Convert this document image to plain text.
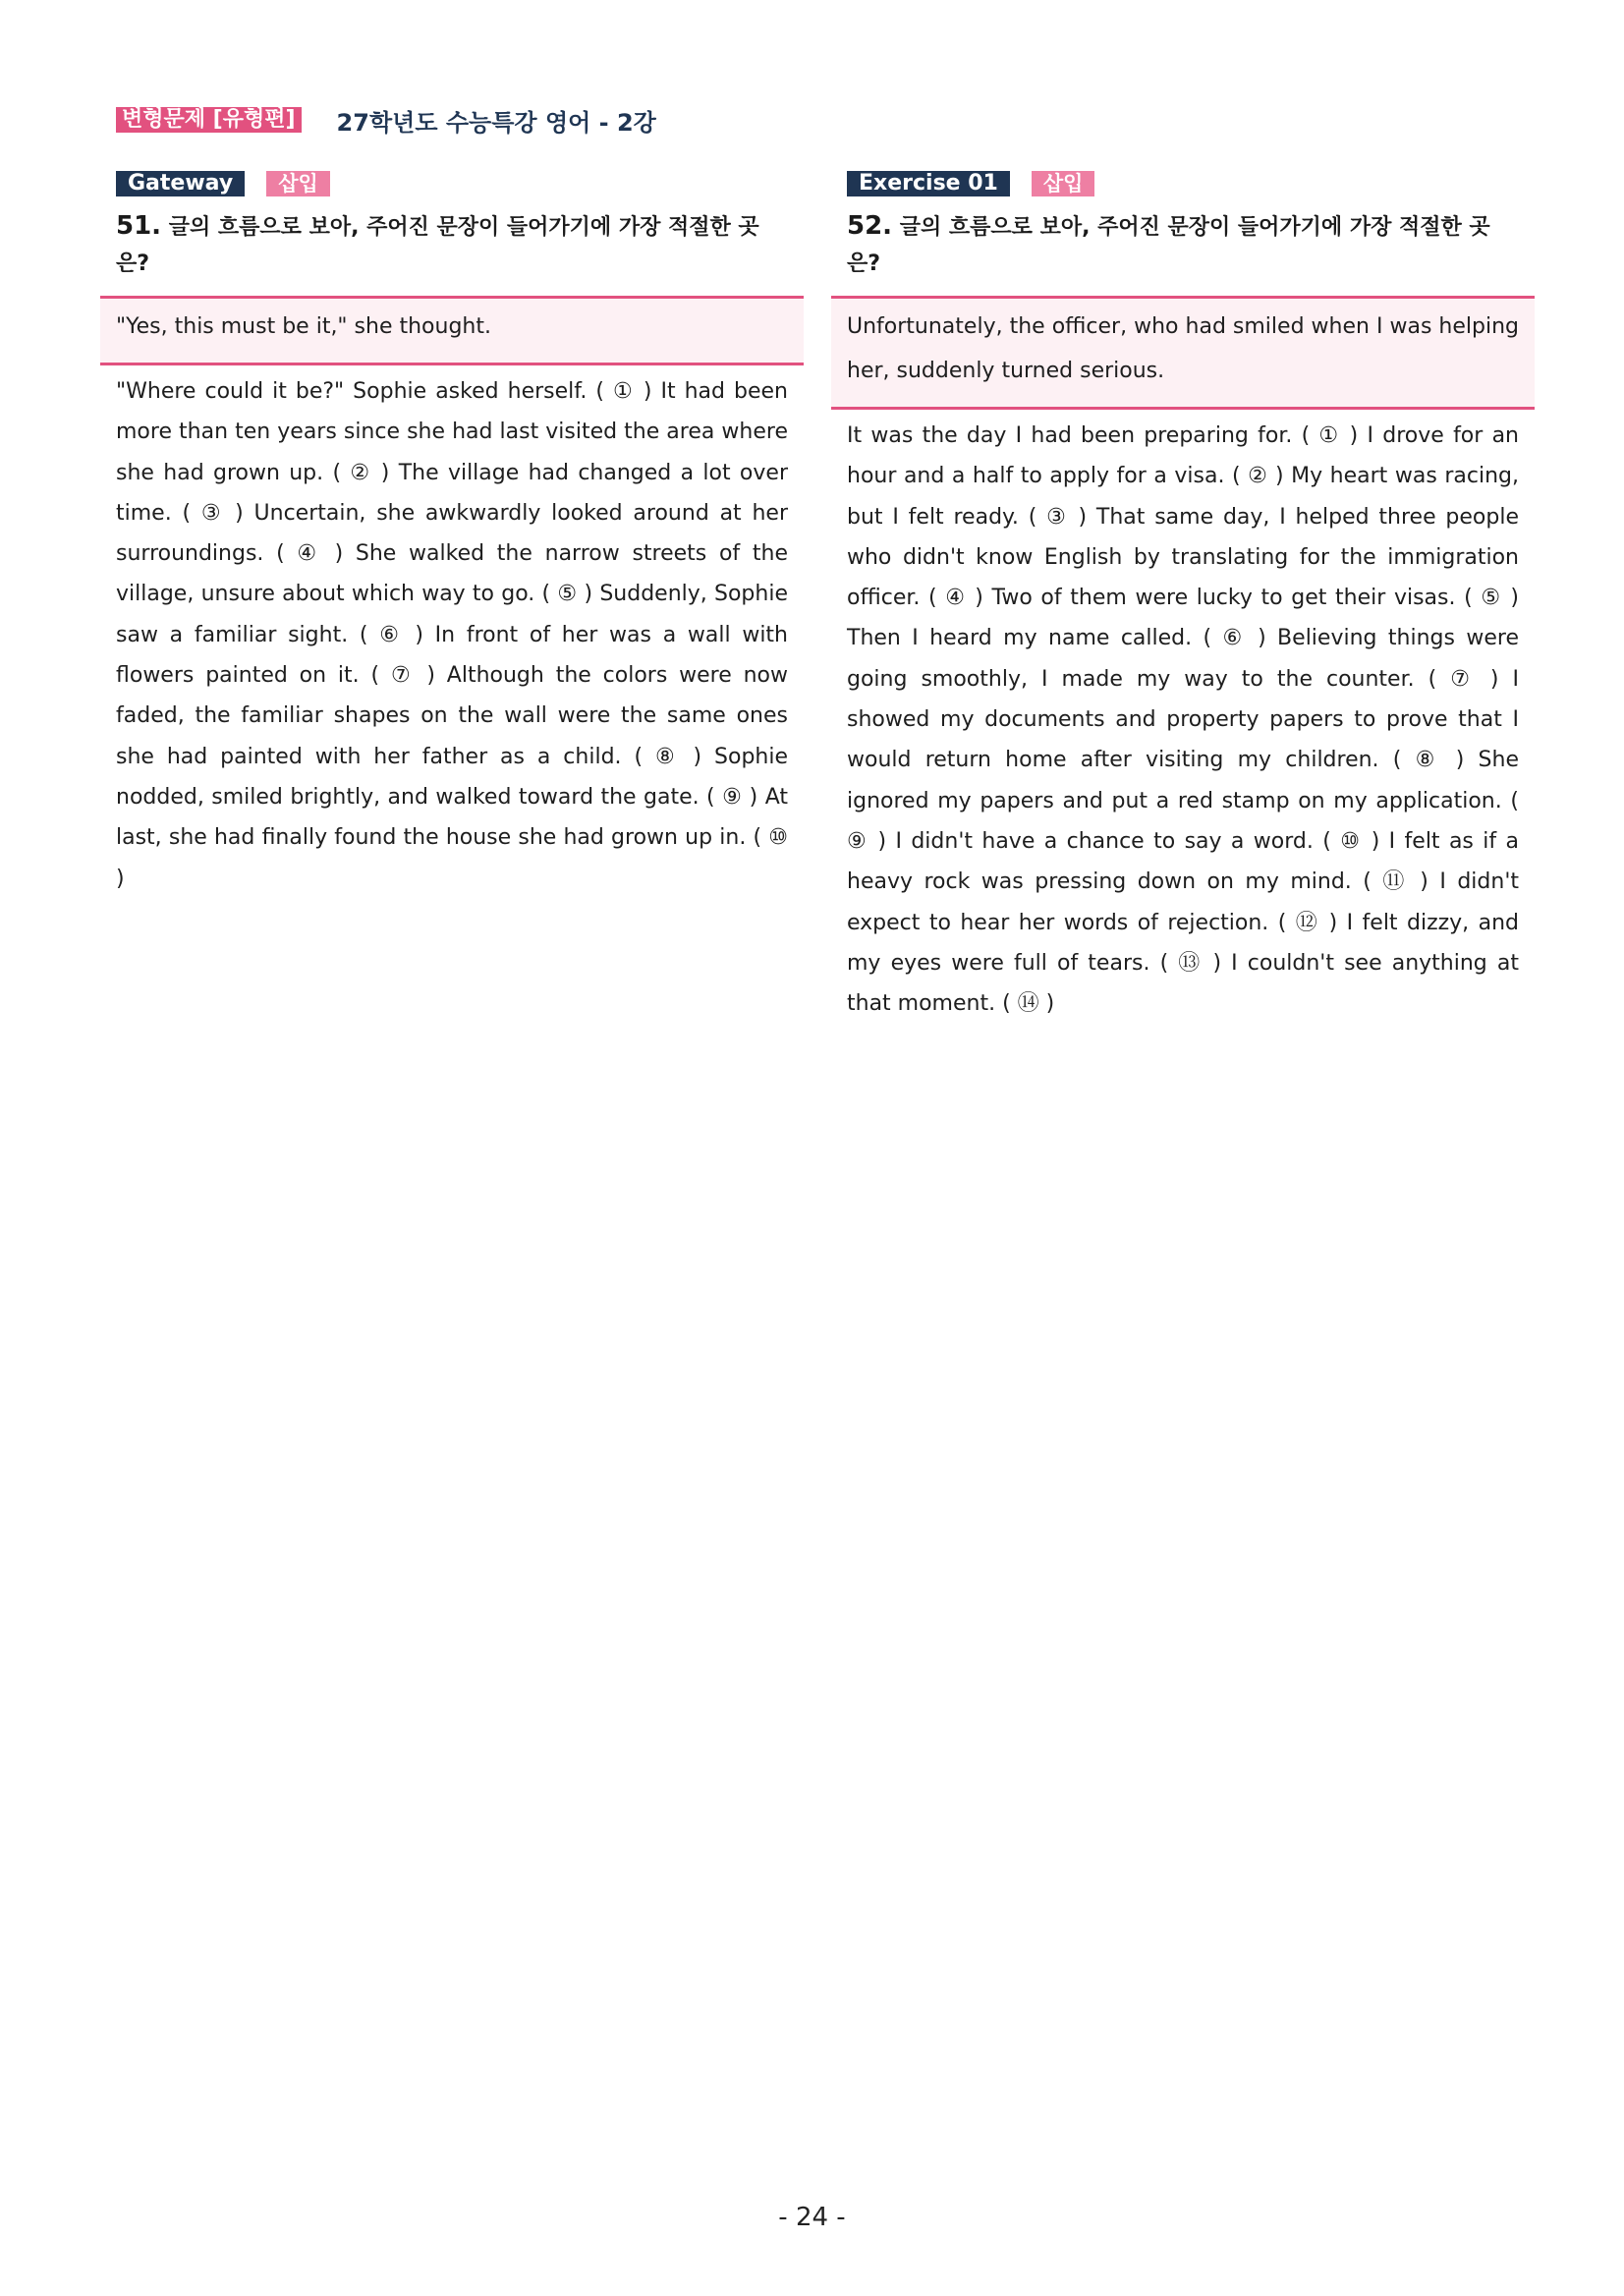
변형문제 [유형편] 27학년도 수능특강 영어 - 2강
Gateway	삽입
51. 글의 흐름으로 보아, 주어진 문장이 들어가기에 가장 적절한 곳은?
"Yes, this must be it," she thought.
"Where could it be?" Sophie asked herself. ( ① ) It had been more than ten years since she had last visited the area where she had grown up. ( ② ) The village had changed a lot over time. ( ③ ) Uncertain, she awkwardly looked around at her surroundings. ( ④ ) She walked the narrow streets of the village, unsure about which way to go. ( ⑤ ) Suddenly, Sophie saw a familiar sight. ( ⑥ ) In front of her was a wall with flowers painted on it. ( ⑦ ) Although the colors were now faded, the familiar shapes on the wall were the same ones she had painted with her father as a child. ( ⑧ ) Sophie nodded, smiled brightly, and walked toward the gate. ( ⑨ ) At last, she had finally found the house she had grown up in. ( ⑩ )
Exercise 01	삽입
52. 글의 흐름으로 보아, 주어진 문장이 들어가기에 가장 적절한 곳은?
Unfortunately, the officer, who had smiled when I was helping her, suddenly turned serious.
It was the day I had been preparing for. ( ① ) I drove for an hour and a half to apply for a visa. ( ② ) My heart was racing, but I felt ready. ( ③ ) That same day, I helped three people who didn't know English by translating for the immigration officer. ( ④ ) Two of them were lucky to get their visas. ( ⑤ ) Then I heard my name called. ( ⑥ ) Believing things were going smoothly, I made my way to the counter. ( ⑦ ) I showed my documents and property papers to prove that I would return home after visiting my children. ( ⑧ ) She ignored my papers and put a red stamp on my application. ( ⑨ ) I didn't have a chance to say a word. ( ⑩ ) I felt as if a heavy rock was pressing down on my mind. ( ⑪ ) I didn't expect to hear her words of rejection. ( ⑫ ) I felt dizzy, and my eyes were full of tears. ( ⑬ ) I couldn't see anything at that moment. ( ⑭ )
- 24 -
